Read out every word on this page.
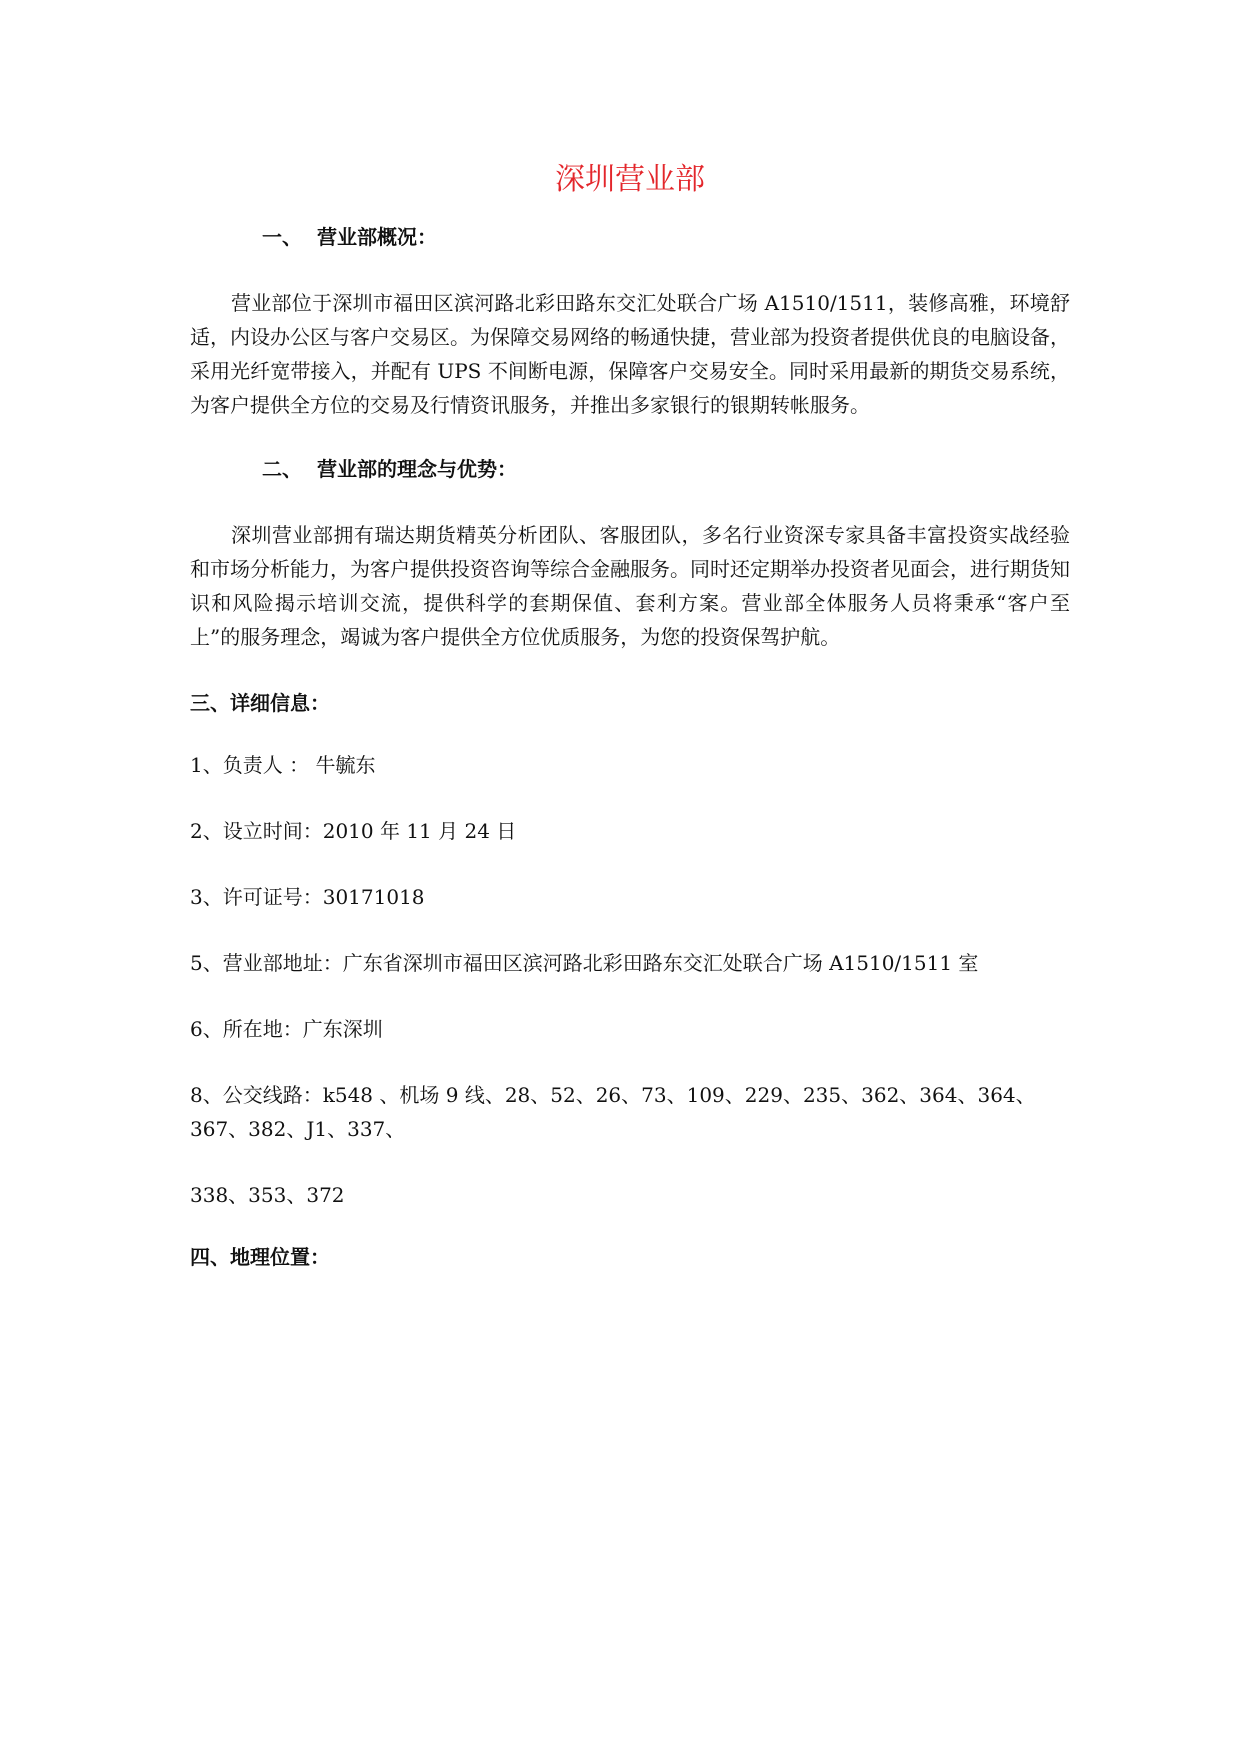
深圳营业部
一、 营业部概况：

营业部位于深圳市福田区滨河路北彩田路东交汇处联合广场 A1510/1511，装修高雅，环境舒适，内设办公区与客户交易区。为保障交易网络的畅通快捷，营业部为投资者提供优良的电脑设备，采用光纤宽带接入，并配有 UPS 不间断电源，保障客户交易安全。同时采用最新的期货交易系统，为客户提供全方位的交易及行情资讯服务，并推出多家银行的银期转帐服务。

二、 营业部的理念与优势：

深圳营业部拥有瑞达期货精英分析团队、客服团队，多名行业资深专家具备丰富投资实战经验和市场分析能力，为客户提供投资咨询等综合金融服务。同时还定期举办投资者见面会，进行期货知识和风险揭示培训交流，提供科学的套期保值、套利方案。营业部全体服务人员将秉承“客户至上”的服务理念，竭诚为客户提供全方位优质服务，为您的投资保驾护航。

三、详细信息：

1、负责人 ： 牛毓东

2、设立时间：2010 年 11 月 24 日

3、许可证号：30171018

5、营业部地址：广东省深圳市福田区滨河路北彩田路东交汇处联合广场 A1510/1511 室

6、所在地：广东深圳

8、公交线路：k548 、机场 9 线、28、52、26、73、109、229、235、362、364、364、367、382、J1、337、

338、353、372

四、地理位置：
